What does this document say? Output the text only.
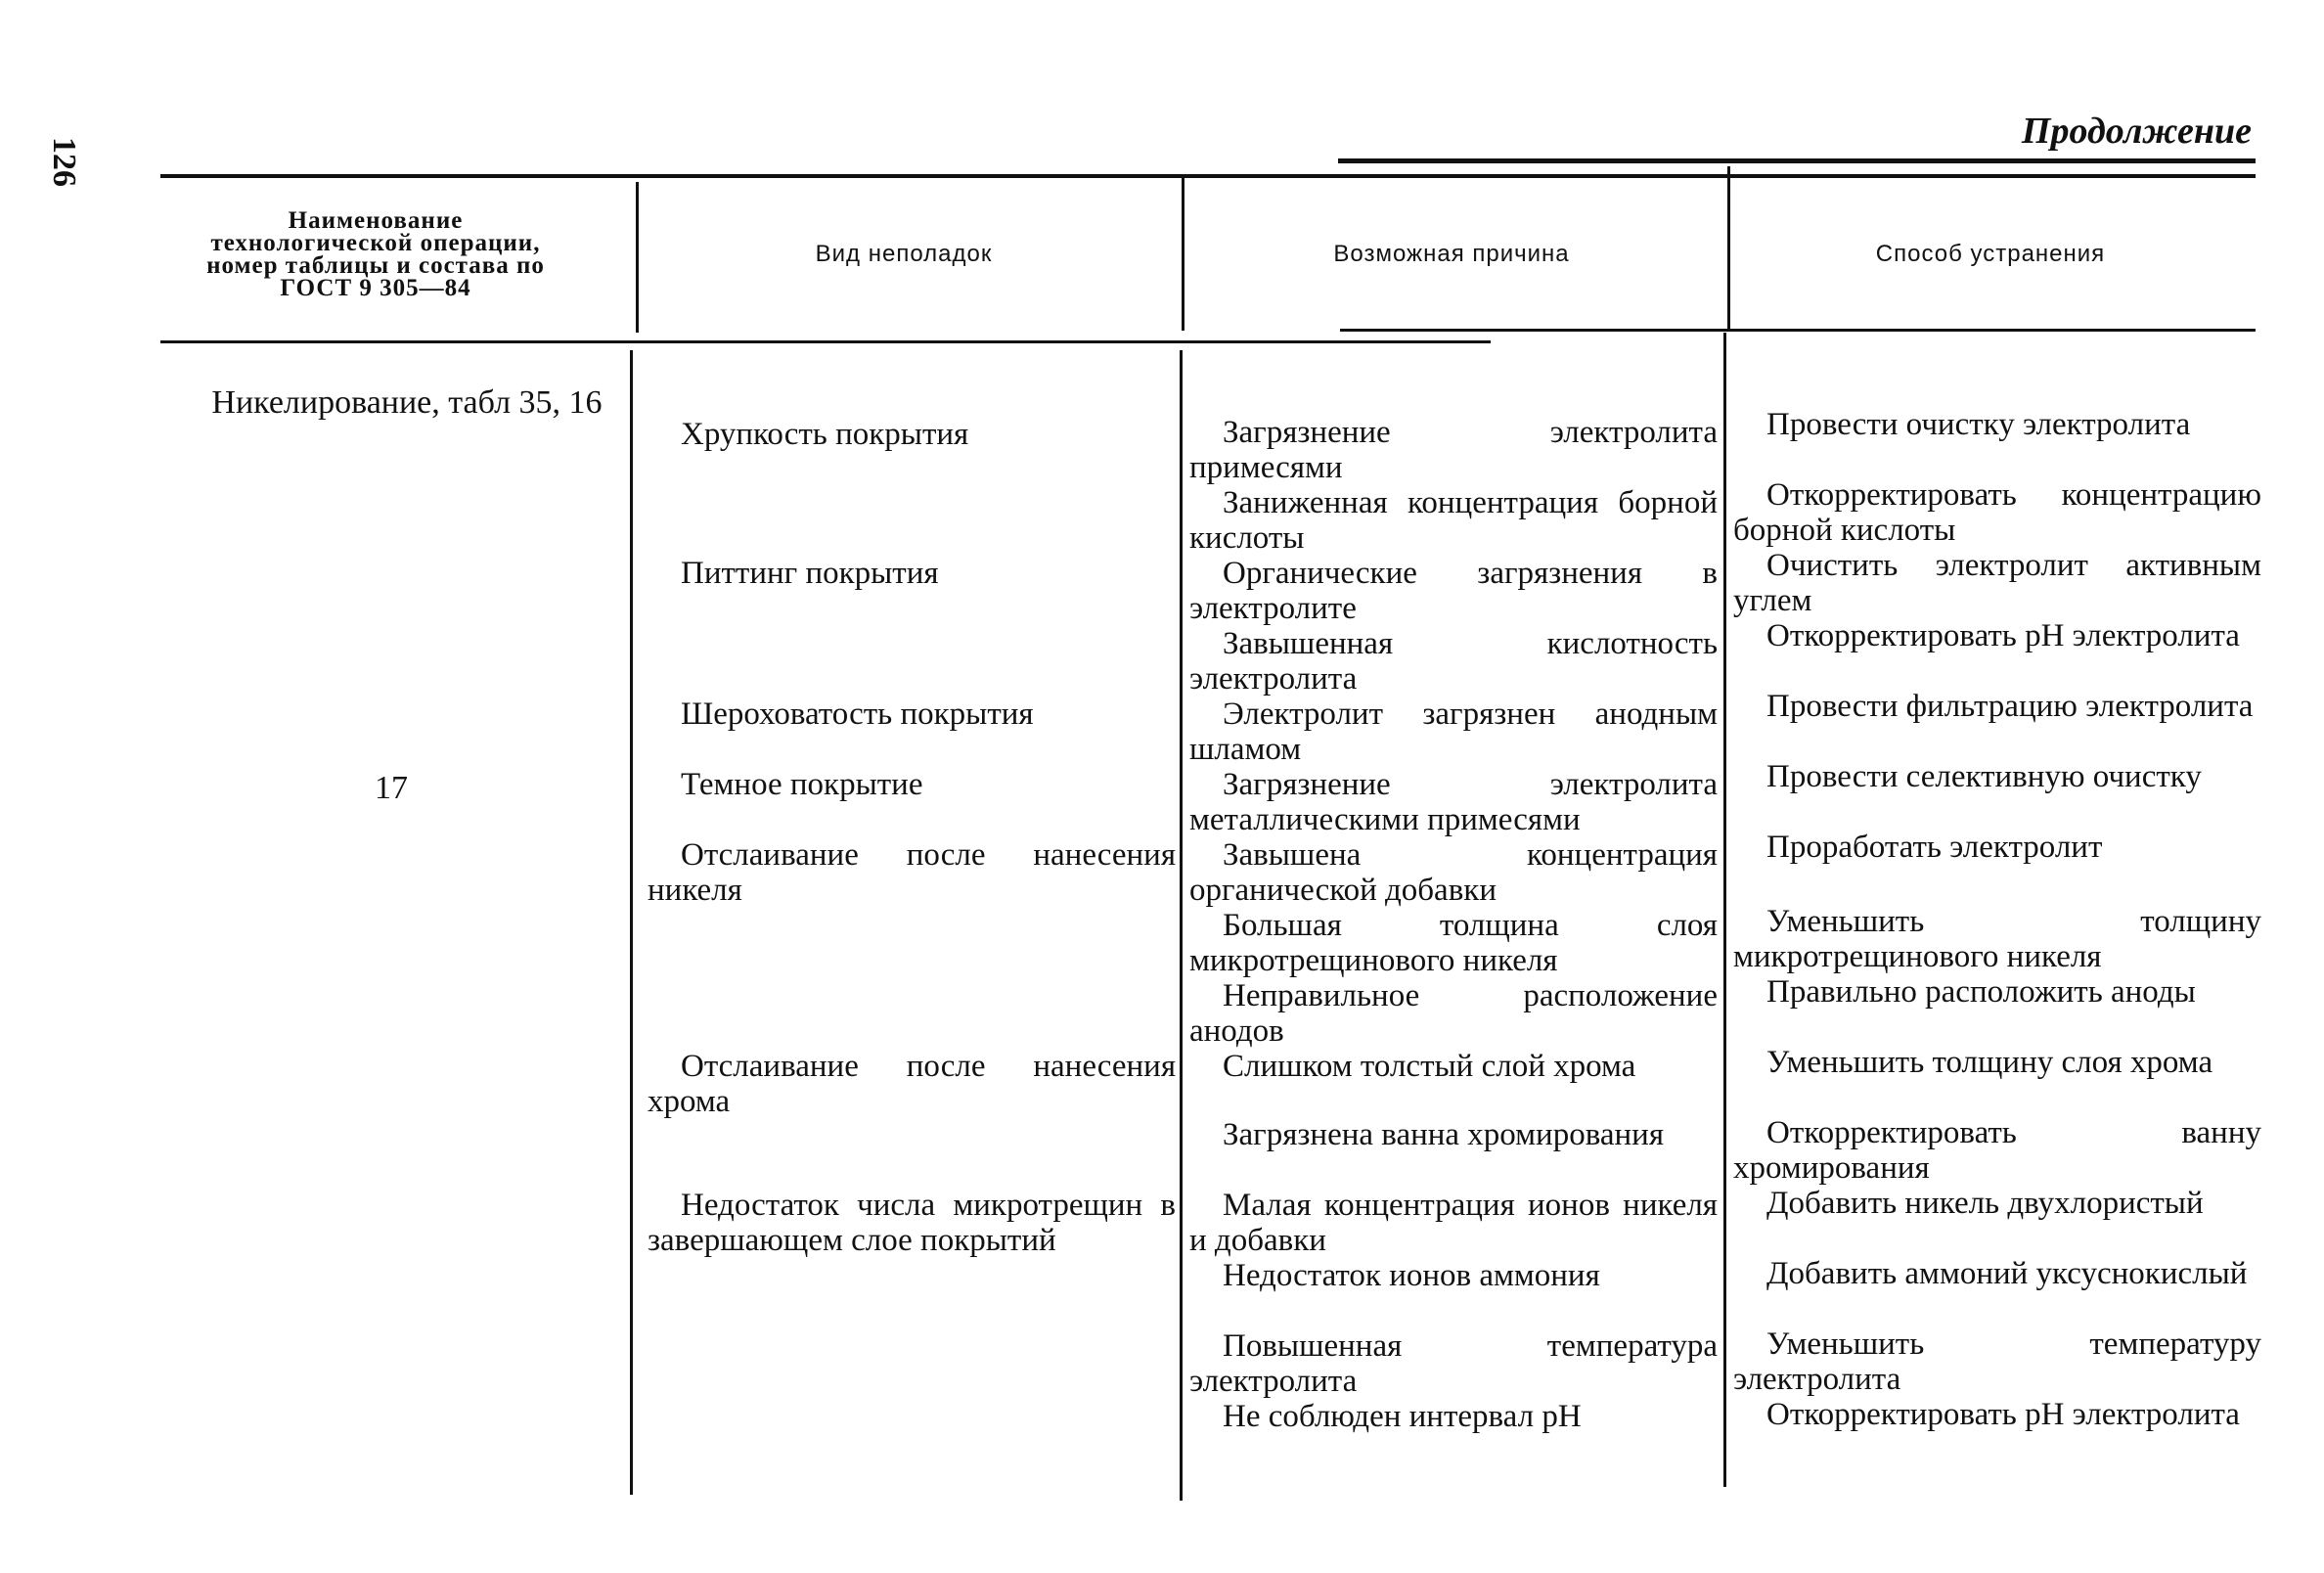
126
Продолжение
Наименование технологической операции, номер таблицы и состава по ГОСТ 9 305—84
Вид неполадок	Возможная причина	Способ устранения
Никелирование, табл 35, 16
17
Хрупкость покрытия
Питтинг покрытия
Шероховатость покрытия
Темное покрытие
Отслаивание после нанесения никеля
Отслаивание после нанесения хрома
Недостаток числа микротрещин в завершающем слое покрытий
Загрязнение электролита примесями
Заниженная концентрация борной кислоты
Органические загрязнения в электролите
Завышенная кислотность электролита
Электролит загрязнен анодным шламом
Загрязнение электролита металлическими примесями
Завышена концентрация органической добавки
Большая толщина слоя микротрещинового никеля
Неправильное расположение анодов
Слишком толстый слой хрома
Загрязнена ванна хромирования
Малая концентрация ионов никеля и добавки
Недостаток ионов аммония
Повышенная температура электролита
Не соблюден интервал pH
Провести очистку электролита
Откорректировать концентрацию борной кислоты
Очистить электролит активным углем
Откорректировать pH электролита
Провести фильтрацию электролита
Провести селективную очистку
Проработать электролит
Уменьшить толщину микротрещинового никеля
Правильно расположить аноды
Уменьшить толщину слоя хрома
Откорректировать ванну хромирования
Добавить никель двухлористый
Добавить аммоний уксуснокислый
Уменьшить температуру электролита
Откорректировать pH электролита
